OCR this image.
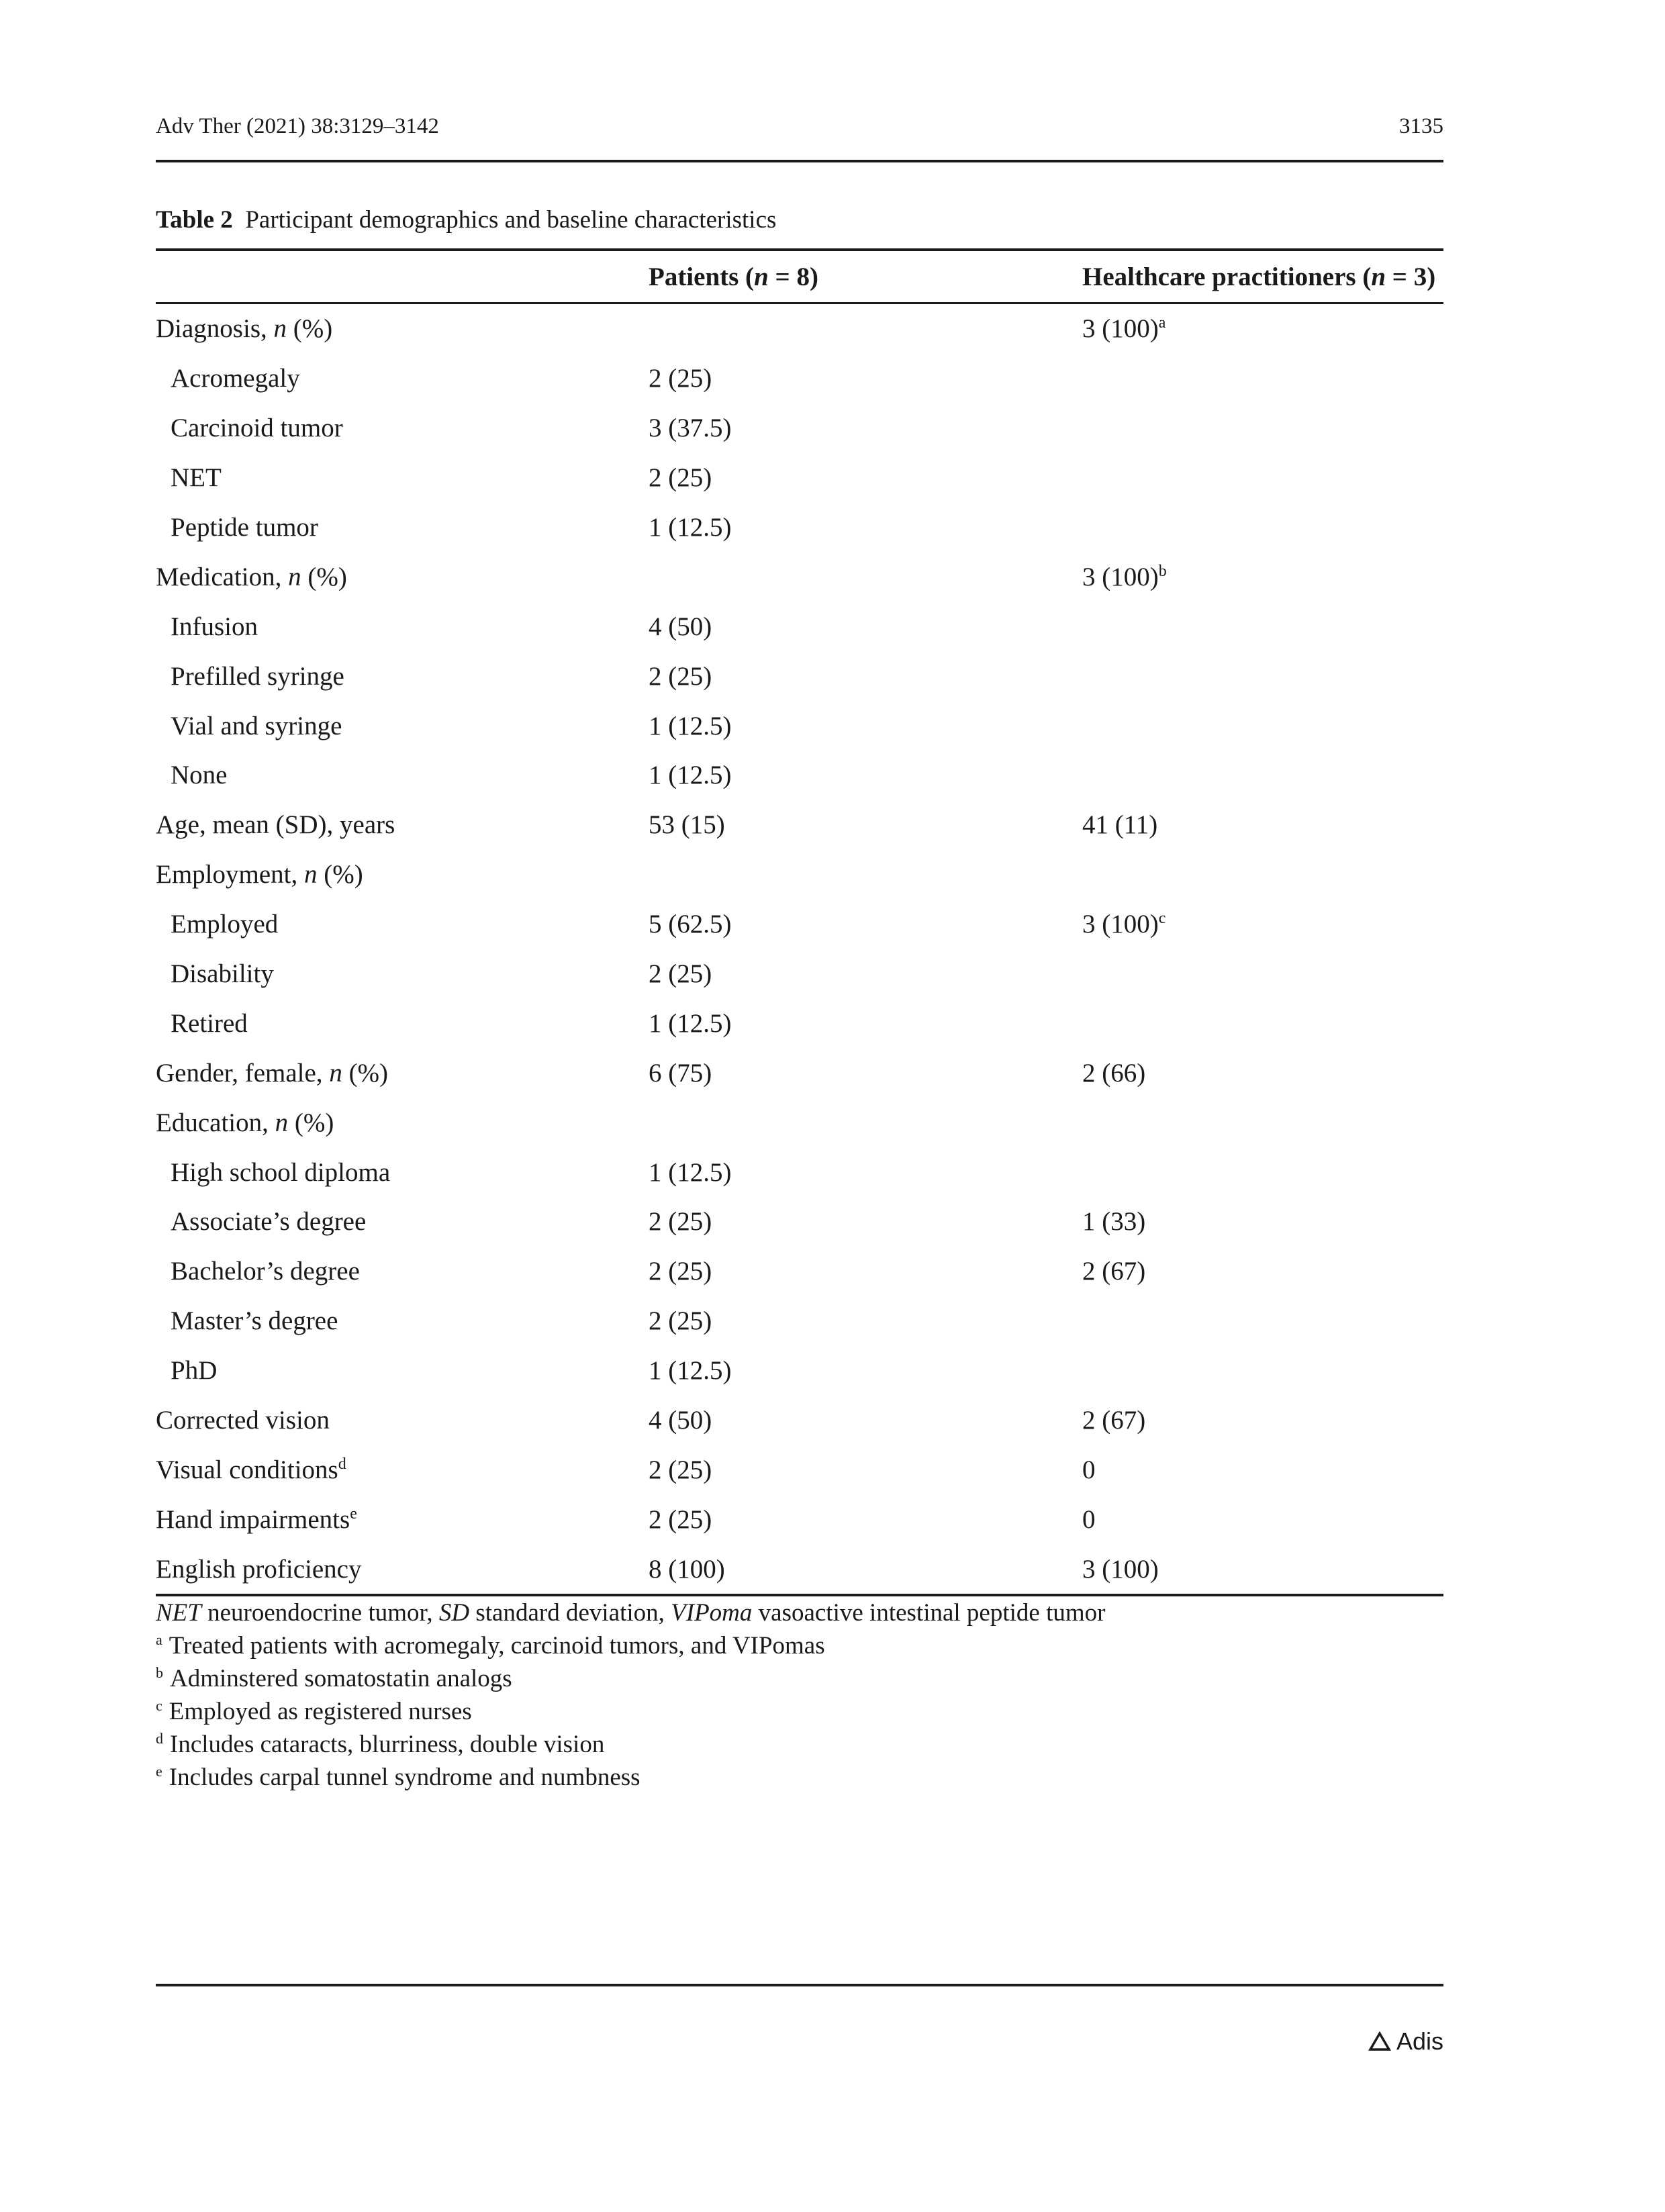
Adv Ther (2021) 38:3129–3142	3135
Table 2 Participant demographics and baseline characteristics
	Patients (n = 8)	Healthcare practitioners (n = 3)
Diagnosis, n (%)		3 $(100)^a$
Acromegaly	2 (25)	
Carcinoid tumor	3 (37.5)	
NET	2 (25)	
Peptide tumor	1 (12.5)	
Medication, n (%)		3 $(100)^b$
Infusion	4 (50)	
Prefilled syringe	2 (25)	
Vial and syringe	1 (12.5)	
None	1 (12.5)	
Age, mean (SD), years	53 (15)	41 (11)
Employment, n (%)		
Employed	5 (62.5)	3 $(100)^c$
Disability	2 (25)	
Retired	1 (12.5)	
Gender, female, n (%)	6 (75)	2 (66)
Education, n (%)		
High school diploma	1 (12.5)	
Associate’s degree	2 (25)	1 (33)
Bachelor’s degree	2 (25)	2 (67)
Master’s degree	2 (25)	
PhD	1 (12.5)	
Corrected vision	4 (50)	2 (67)
Visual conditions$^d$	2 (25)	0
Hand impairments$^e$	2 (25)	0
English proficiency	8 (100)	3 (100)
NET neuroendocrine tumor, SD standard deviation, VIPoma vasoactive intestinal peptide tumor
$^a$ Treated patients with acromegaly, carcinoid tumors, and VIPomas
$^b$ Adminstered somatostatin analogs
$^c$ Employed as registered nurses
$^d$ Includes cataracts, blurriness, double vision
$^e$ Includes carpal tunnel syndrome and numbness
Adis
